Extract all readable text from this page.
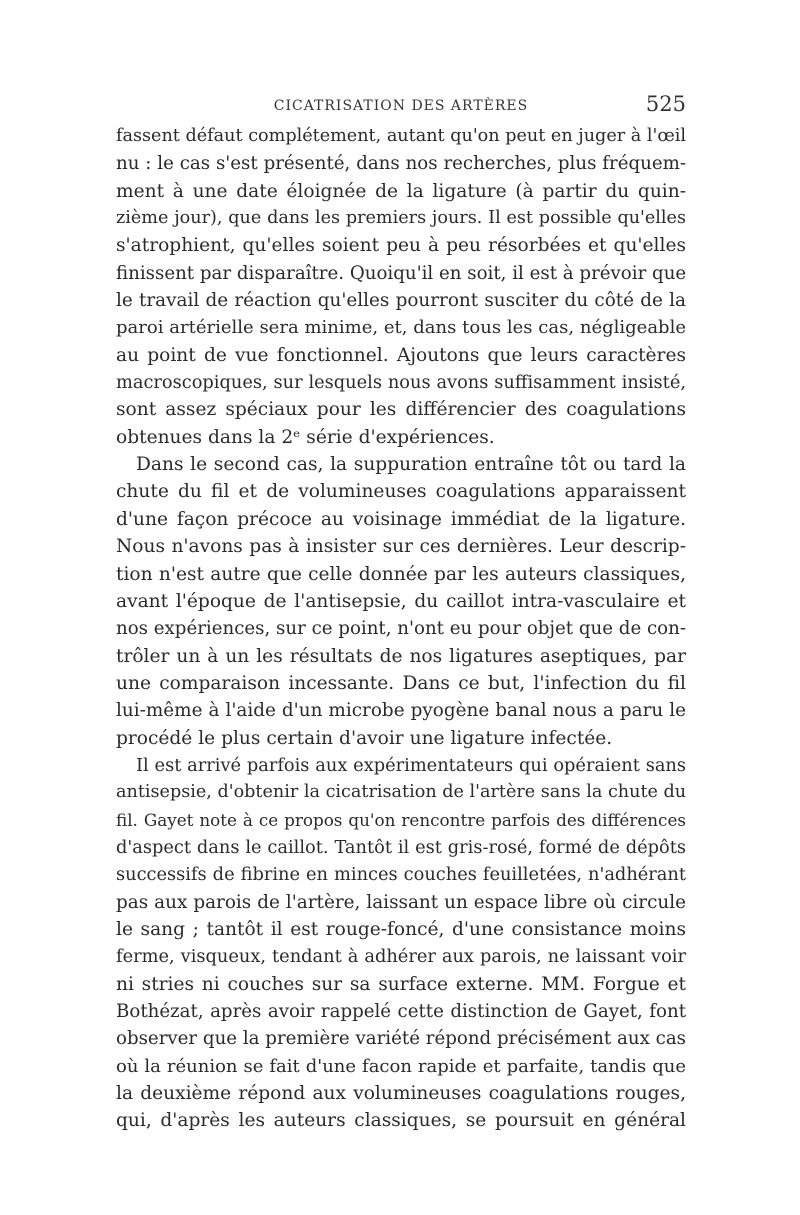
CICATRISATION DES ARTÈRES	525
fassent défaut complétement, autant qu'on peut en juger à l'œil
nu : le cas s'est présenté, dans nos recherches, plus fréquem-
ment à une date éloignée de la ligature (à partir du quin-
zième jour), que dans les premiers jours. Il est possible qu'elles
s'atrophient, qu'elles soient peu à peu résorbées et qu'elles
finissent par disparaître. Quoiqu'il en soit, il est à prévoir que
le travail de réaction qu'elles pourront susciter du côté de la
paroi artérielle sera minime, et, dans tous les cas, négligeable
au point de vue fonctionnel. Ajoutons que leurs caractères
macroscopiques, sur lesquels nous avons suffisamment insisté,
sont assez spéciaux pour les différencier des coagulations
obtenues dans la 2ᵉ série d'expériences.
Dans le second cas, la suppuration entraîne tôt ou tard la
chute du fil et de volumineuses coagulations apparaissent
d'une façon précoce au voisinage immédiat de la ligature.
Nous n'avons pas à insister sur ces dernières. Leur descrip-
tion n'est autre que celle donnée par les auteurs classiques,
avant l'époque de l'antisepsie, du caillot intra-vasculaire et
nos expériences, sur ce point, n'ont eu pour objet que de con-
trôler un à un les résultats de nos ligatures aseptiques, par
une comparaison incessante. Dans ce but, l'infection du fil
lui-même à l'aide d'un microbe pyogène banal nous a paru le
procédé le plus certain d'avoir une ligature infectée.
Il est arrivé parfois aux expérimentateurs qui opéraient sans
antisepsie, d'obtenir la cicatrisation de l'artère sans la chute du
fil. Gayet note à ce propos qu'on rencontre parfois des différences
d'aspect dans le caillot. Tantôt il est gris-rosé, formé de dépôts
successifs de fibrine en minces couches feuilletées, n'adhérant
pas aux parois de l'artère, laissant un espace libre où circule
le sang ; tantôt il est rouge-foncé, d'une consistance moins
ferme, visqueux, tendant à adhérer aux parois, ne laissant voir
ni stries ni couches sur sa surface externe. MM. Forgue et
Bothézat, après avoir rappelé cette distinction de Gayet, font
observer que la première variété répond précisément aux cas
où la réunion se fait d'une facon rapide et parfaite, tandis que
la deuxième répond aux volumineuses coagulations rouges,
qui, d'après les auteurs classiques, se poursuit en général
